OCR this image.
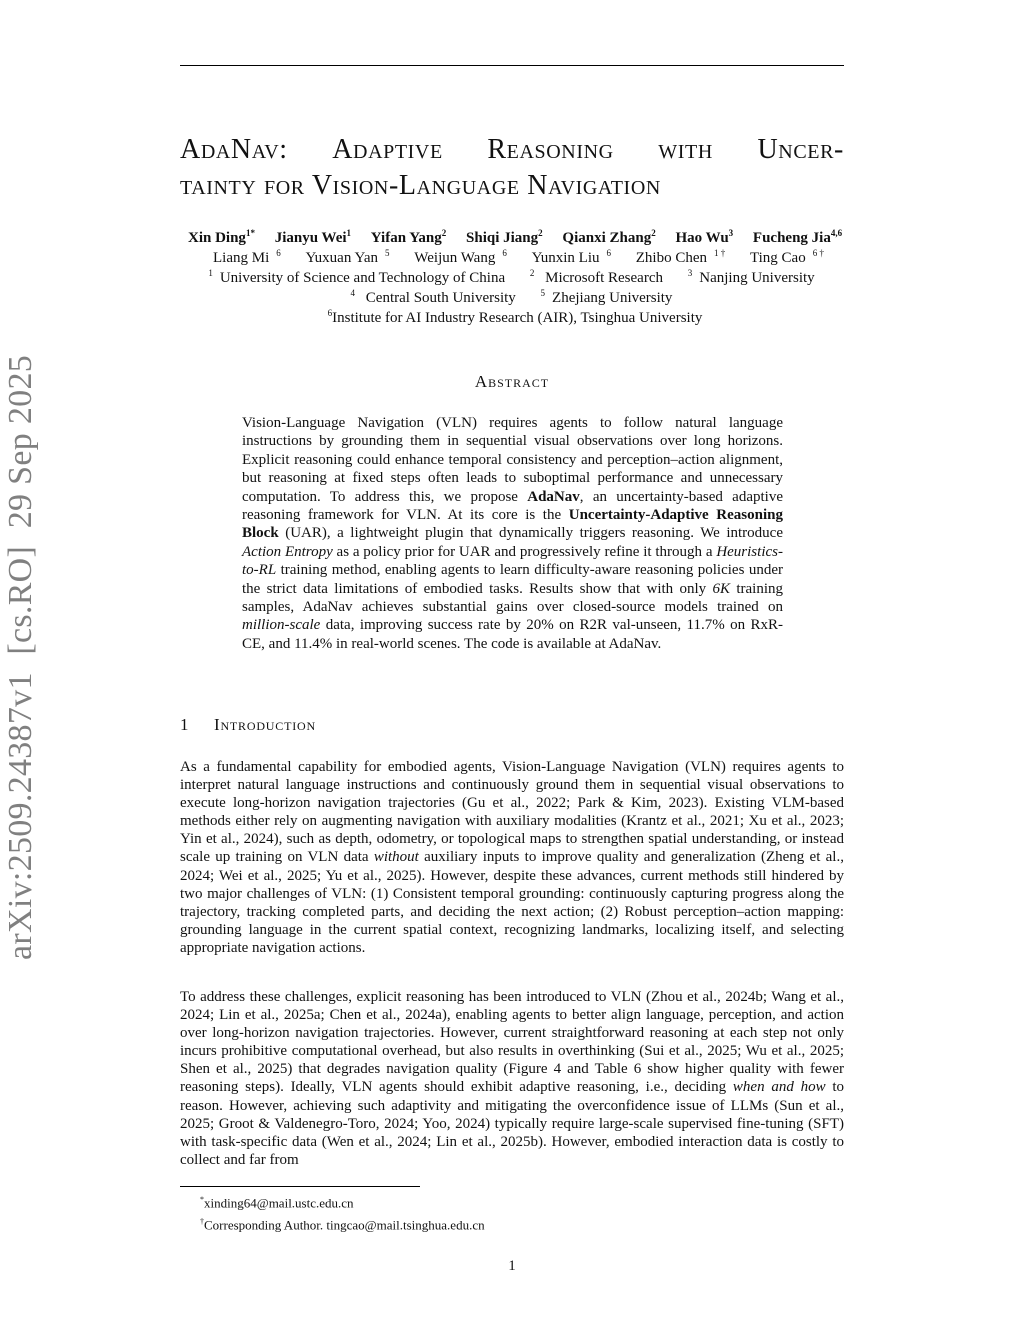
arXiv:2509.24387v1  [cs.RO]  29 Sep 2025
AdaNav: Adaptive Reasoning with Uncer-
tainty for Vision-Language Navigation
Xin Ding$^{1*}$ Jianyu Wei$^1$ Yifan Yang$^2$ Shiqi Jiang$^2$ Qianxi Zhang$^2$ Hao Wu$^3$ Fucheng Jia$^{4,6}$
Liang Mi $^6$ Yuxuan Yan $^5$ Weijun Wang $^6$ Yunxin Liu $^6$ Zhibo Chen $^{1 \dagger}$ Ting Cao $^{6 \dagger}$
$^1$ University of Science and Technology of China	$^2$ Microsoft Research	$^3$ Nanjing University
$^4$ Central South University	$^5$ Zhejiang University
$^6$Institute for AI Industry Research (AIR), Tsinghua University
Abstract

Vision-Language Navigation (VLN) requires agents to follow natural language instructions by grounding them in sequential visual observations over long horizons. Explicit reasoning could enhance temporal consistency and perception–action alignment, but reasoning at fixed steps often leads to suboptimal performance and unnecessary computation. To address this, we propose AdaNav, an uncertainty-based adaptive reasoning framework for VLN. At its core is the Uncertainty-Adaptive Reasoning Block (UAR), a lightweight plugin that dynamically triggers reasoning. We introduce Action Entropy as a policy prior for UAR and progressively refine it through a Heuristics-to-RL training method, enabling agents to learn difficulty-aware reasoning policies under the strict data limitations of embodied tasks. Results show that with only 6K training samples, AdaNav achieves substantial gains over closed-source models trained on million-scale data, improving success rate by 20% on R2R val-unseen, 11.7% on RxR-CE, and 11.4% in real-world scenes. The code is available at AdaNav.

1 Introduction

As a fundamental capability for embodied agents, Vision-Language Navigation (VLN) requires agents to interpret natural language instructions and continuously ground them in sequential visual observations to execute long-horizon navigation trajectories (Gu et al., 2022; Park & Kim, 2023). Existing VLM-based methods either rely on augmenting navigation with auxiliary modalities (Krantz et al., 2021; Xu et al., 2023; Yin et al., 2024), such as depth, odometry, or topological maps to strengthen spatial understanding, or instead scale up training on VLN data without auxiliary inputs to improve quality and generalization (Zheng et al., 2024; Wei et al., 2025; Yu et al., 2025). However, despite these advances, current methods still hindered by two major challenges of VLN: (1) Consistent temporal grounding: continuously capturing progress along the trajectory, tracking completed parts, and deciding the next action; (2) Robust perception–action mapping: grounding language in the current spatial context, recognizing landmarks, localizing itself, and selecting appropriate navigation actions.

To address these challenges, explicit reasoning has been introduced to VLN (Zhou et al., 2024b; Wang et al., 2024; Lin et al., 2025a; Chen et al., 2024a), enabling agents to better align language, perception, and action over long-horizon navigation trajectories. However, current straightforward reasoning at each step not only incurs prohibitive computational overhead, but also results in overthinking (Sui et al., 2025; Wu et al., 2025; Shen et al., 2025) that degrades navigation quality (Figure 4 and Table 6 show higher quality with fewer reasoning steps). Ideally, VLN agents should exhibit adaptive reasoning, i.e., deciding when and how to reason. However, achieving such adaptivity and mitigating the overconfidence issue of LLMs (Sun et al., 2025; Groot & Valdenegro-Toro, 2024; Yoo, 2024) typically require large-scale supervised fine-tuning (SFT) with task-specific data (Wen et al., 2024; Lin et al., 2025b). However, embodied interaction data is costly to collect and far from

*xinding64@mail.ustc.edu.cn
†Corresponding Author. tingcao@mail.tsinghua.edu.cn
1
